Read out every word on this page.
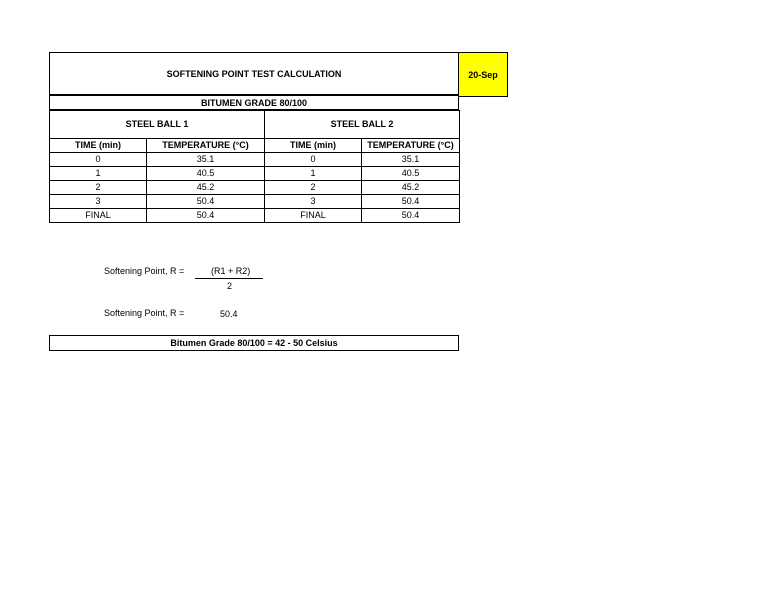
SOFTENING POINT TEST CALCULATION	20-Sep
BITUMEN GRADE 80/100
STEEL BALL 1		STEEL BALL 2	
TIME (min)	TEMPERATURE (°C)	TIME (min)	TEMPERATURE (°C)
0	35.1	0	35.1
1	40.5	1	40.5
2	45.2	2	45.2
3	50.4	3	50.4
FINAL	50.4	FINAL	50.4
Softening Point, R =	(R1 + R2)
2
Softening Point, R =	50.4
Bitumen Grade 80/100 = 42 - 50 Celsius
